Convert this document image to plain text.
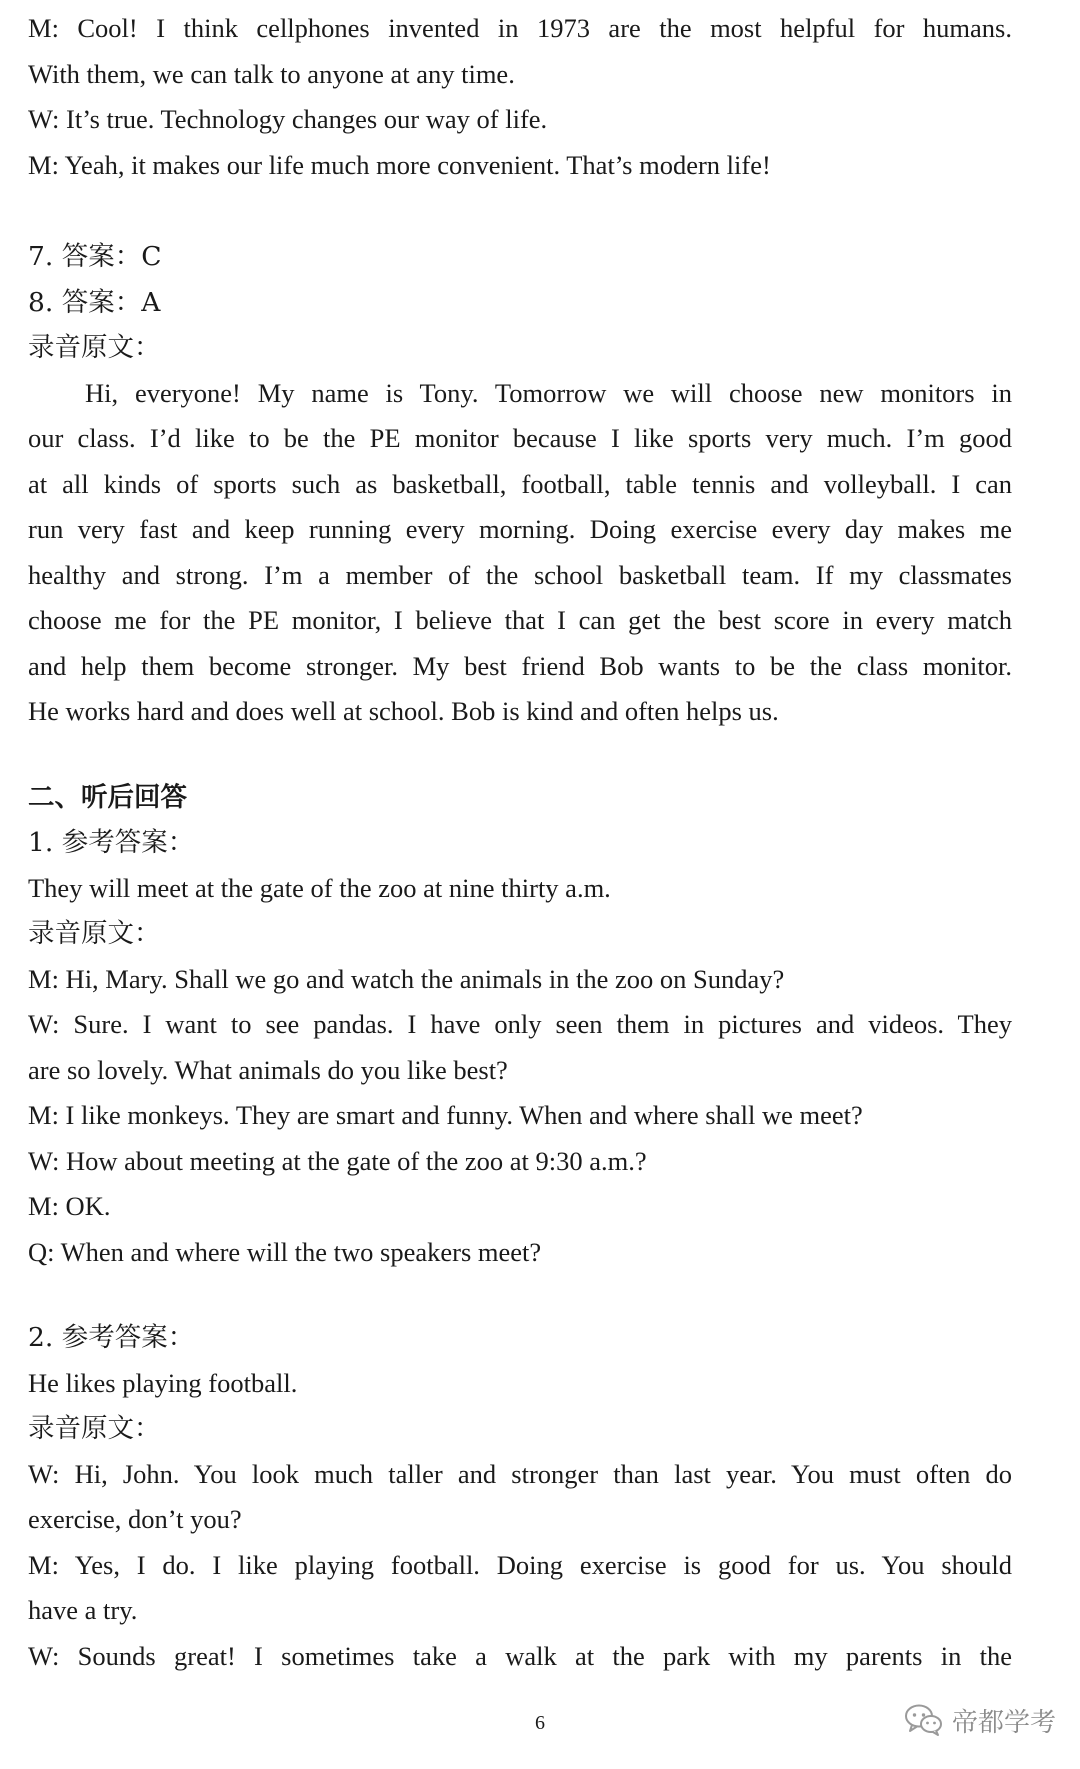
M: Cool! I think cellphones invented in 1973 are the most helpful for humans.

With them, we can talk to anyone at any time.

W: It’s true. Technology changes our way of life.

M: Yeah, it makes our life much more convenient. That’s modern life!

7. 答案：C

8. 答案：A

录音原文：

Hi, everyone! My name is Tony. Tomorrow we will choose new monitors in

our class. I’d like to be the PE monitor because I like sports very much. I’m good

at all kinds of sports such as basketball, football, table tennis and volleyball. I can

run very fast and keep running every morning. Doing exercise every day makes me

healthy and strong. I’m a member of the school basketball team. If my classmates

choose me for the PE monitor, I believe that I can get the best score in every match

and help them become stronger. My best friend Bob wants to be the class monitor.

He works hard and does well at school. Bob is kind and often helps us.

二、听后回答

1. 参考答案：

They will meet at the gate of the zoo at nine thirty a.m.

录音原文：

M: Hi, Mary. Shall we go and watch the animals in the zoo on Sunday?

W: Sure. I want to see pandas. I have only seen them in pictures and videos. They

are so lovely. What animals do you like best?

M: I like monkeys. They are smart and funny. When and where shall we meet?

W: How about meeting at the gate of the zoo at 9:30 a.m.?

M: OK.

Q: When and where will the two speakers meet?

2. 参考答案：

He likes playing football.

录音原文：

W: Hi, John. You look much taller and stronger than last year. You must often do

exercise, don’t you?

M: Yes, I do. I like playing football. Doing exercise is good for us. You should

have a try.

W: Sounds great! I sometimes take a walk at the park with my parents in the

6	帝都学考
